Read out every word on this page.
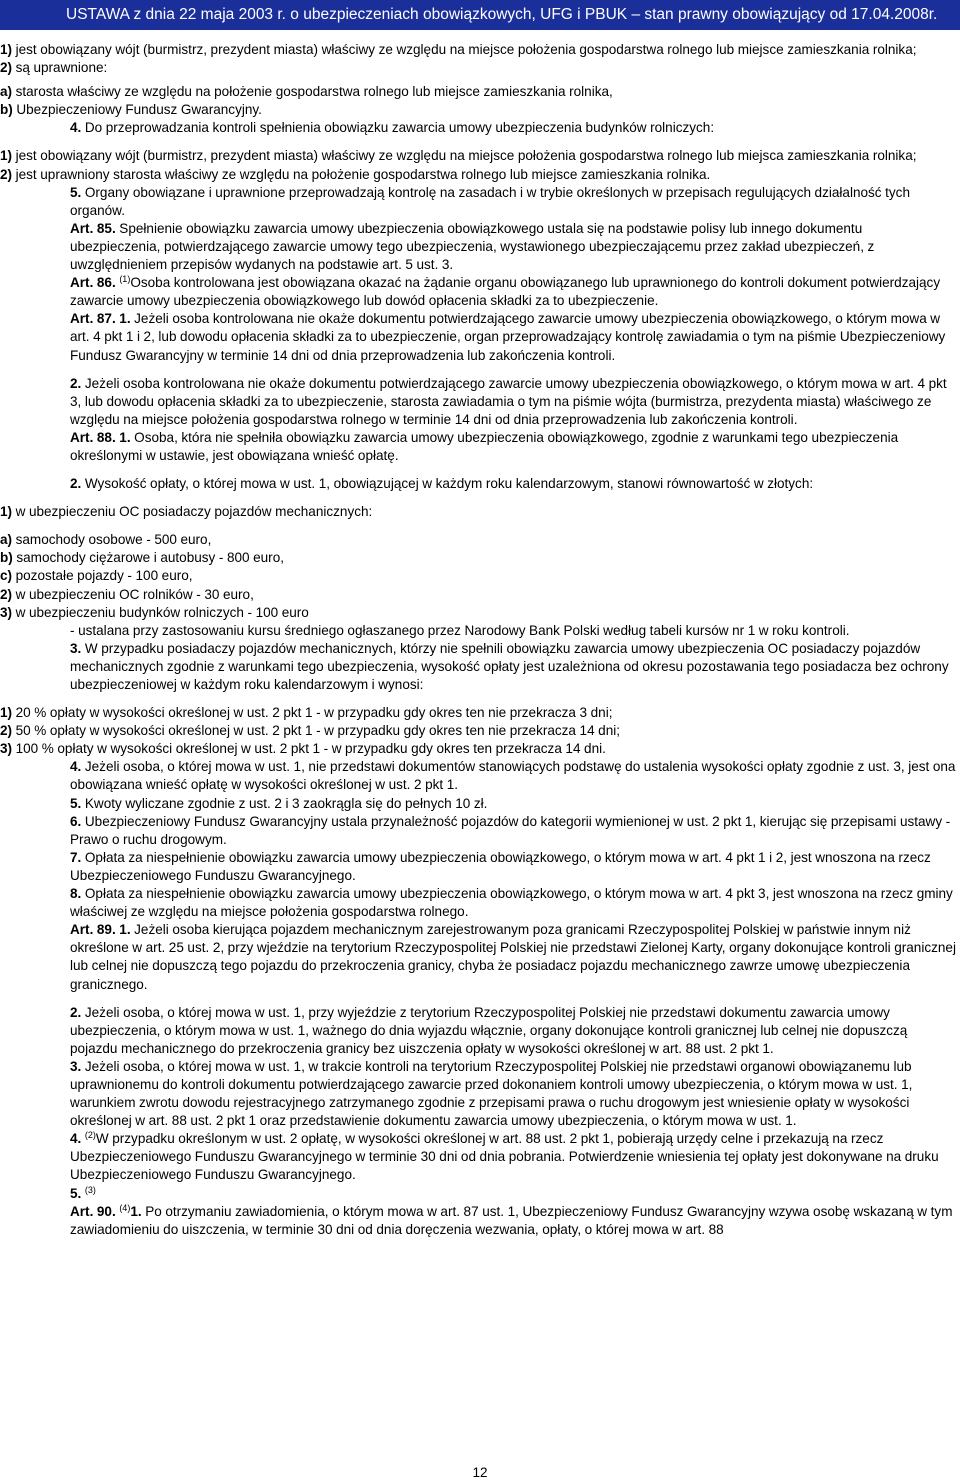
USTAWA z dnia 22 maja 2003 r. o ubezpieczeniach obowiązkowych, UFG i PBUK – stan prawny obowiązujący od 17.04.2008r.

1) jest obowiązany wójt (burmistrz, prezydent miasta) właściwy ze względu na miejsce położenia gospodarstwa rolnego lub miejsce zamieszkania rolnika;

2) są uprawnione:

a) starosta właściwy ze względu na położenie gospodarstwa rolnego lub miejsce zamieszkania rolnika,

b) Ubezpieczeniowy Fundusz Gwarancyjny.

4. Do przeprowadzania kontroli spełnienia obowiązku zawarcia umowy ubezpieczenia budynków rolniczych:

1) jest obowiązany wójt (burmistrz, prezydent miasta) właściwy ze względu na miejsce położenia gospodarstwa rolnego lub miejsca zamieszkania rolnika;

2) jest uprawniony starosta właściwy ze względu na położenie gospodarstwa rolnego lub miejsce zamieszkania rolnika.

5. Organy obowiązane i uprawnione przeprowadzają kontrolę na zasadach i w trybie określonych w przepisach regulujących działalność tych organów.

Art. 85. Spełnienie obowiązku zawarcia umowy ubezpieczenia obowiązkowego ustala się na podstawie polisy lub innego dokumentu ubezpieczenia, potwierdzającego zawarcie umowy tego ubezpieczenia, wystawionego ubezpieczającemu przez zakład ubezpieczeń, z uwzględnieniem przepisów wydanych na podstawie art. 5 ust. 3.

Art. 86. $^{(1)}$Osoba kontrolowana jest obowiązana okazać na żądanie organu obowiązanego lub uprawnionego do kontroli dokument potwierdzający zawarcie umowy ubezpieczenia obowiązkowego lub dowód opłacenia składki za to ubezpieczenie.

Art. 87. 1. Jeżeli osoba kontrolowana nie okaże dokumentu potwierdzającego zawarcie umowy ubezpieczenia obowiązkowego, o którym mowa w art. 4 pkt 1 i 2, lub dowodu opłacenia składki za to ubezpieczenie, organ przeprowadzający kontrolę zawiadamia o tym na piśmie Ubezpieczeniowy Fundusz Gwarancyjny w terminie 14 dni od dnia przeprowadzenia lub zakończenia kontroli.

2. Jeżeli osoba kontrolowana nie okaże dokumentu potwierdzającego zawarcie umowy ubezpieczenia obowiązkowego, o którym mowa w art. 4 pkt 3, lub dowodu opłacenia składki za to ubezpieczenie, starosta zawiadamia o tym na piśmie wójta (burmistrza, prezydenta miasta) właściwego ze względu na miejsce położenia gospodarstwa rolnego w terminie 14 dni od dnia przeprowadzenia lub zakończenia kontroli.

Art. 88. 1. Osoba, która nie spełniła obowiązku zawarcia umowy ubezpieczenia obowiązkowego, zgodnie z warunkami tego ubezpieczenia określonymi w ustawie, jest obowiązana wnieść opłatę.

2. Wysokość opłaty, o której mowa w ust. 1, obowiązującej w każdym roku kalendarzowym, stanowi równowartość w złotych:

1) w ubezpieczeniu OC posiadaczy pojazdów mechanicznych:

a) samochody osobowe - 500 euro,

b) samochody ciężarowe i autobusy - 800 euro,

c) pozostałe pojazdy - 100 euro,

2) w ubezpieczeniu OC rolników - 30 euro,

3) w ubezpieczeniu budynków rolniczych - 100 euro

- ustalana przy zastosowaniu kursu średniego ogłaszanego przez Narodowy Bank Polski według tabeli kursów nr 1 w roku kontroli.

3. W przypadku posiadaczy pojazdów mechanicznych, którzy nie spełnili obowiązku zawarcia umowy ubezpieczenia OC posiadaczy pojazdów mechanicznych zgodnie z warunkami tego ubezpieczenia, wysokość opłaty jest uzależniona od okresu pozostawania tego posiadacza bez ochrony ubezpieczeniowej w każdym roku kalendarzowym i wynosi:

1) 20 % opłaty w wysokości określonej w ust. 2 pkt 1 - w przypadku gdy okres ten nie przekracza 3 dni;

2) 50 % opłaty w wysokości określonej w ust. 2 pkt 1 - w przypadku gdy okres ten nie przekracza 14 dni;

3) 100 % opłaty w wysokości określonej w ust. 2 pkt 1 - w przypadku gdy okres ten przekracza 14 dni.

4. Jeżeli osoba, o której mowa w ust. 1, nie przedstawi dokumentów stanowiących podstawę do ustalenia wysokości opłaty zgodnie z ust. 3, jest ona obowiązana wnieść opłatę w wysokości określonej w ust. 2 pkt 1.

5. Kwoty wyliczane zgodnie z ust. 2 i 3 zaokrągla się do pełnych 10 zł.

6. Ubezpieczeniowy Fundusz Gwarancyjny ustala przynależność pojazdów do kategorii wymienionej w ust. 2 pkt 1, kierując się przepisami ustawy - Prawo o ruchu drogowym.

7. Opłata za niespełnienie obowiązku zawarcia umowy ubezpieczenia obowiązkowego, o którym mowa w art. 4 pkt 1 i 2, jest wnoszona na rzecz Ubezpieczeniowego Funduszu Gwarancyjnego.

8. Opłata za niespełnienie obowiązku zawarcia umowy ubezpieczenia obowiązkowego, o którym mowa w art. 4 pkt 3, jest wnoszona na rzecz gminy właściwej ze względu na miejsce położenia gospodarstwa rolnego.

Art. 89. 1. Jeżeli osoba kierująca pojazdem mechanicznym zarejestrowanym poza granicami Rzeczypospolitej Polskiej w państwie innym niż określone w art. 25 ust. 2, przy wjeździe na terytorium Rzeczypospolitej Polskiej nie przedstawi Zielonej Karty, organy dokonujące kontroli granicznej lub celnej nie dopuszczą tego pojazdu do przekroczenia granicy, chyba że posiadacz pojazdu mechanicznego zawrze umowę ubezpieczenia granicznego.

2. Jeżeli osoba, o której mowa w ust. 1, przy wyjeździe z terytorium Rzeczypospolitej Polskiej nie przedstawi dokumentu zawarcia umowy ubezpieczenia, o którym mowa w ust. 1, ważnego do dnia wyjazdu włącznie, organy dokonujące kontroli granicznej lub celnej nie dopuszczą pojazdu mechanicznego do przekroczenia granicy bez uiszczenia opłaty w wysokości określonej w art. 88 ust. 2 pkt 1.

3. Jeżeli osoba, o której mowa w ust. 1, w trakcie kontroli na terytorium Rzeczypospolitej Polskiej nie przedstawi organowi obowiązanemu lub uprawnionemu do kontroli dokumentu potwierdzającego zawarcie przed dokonaniem kontroli umowy ubezpieczenia, o którym mowa w ust. 1, warunkiem zwrotu dowodu rejestracyjnego zatrzymanego zgodnie z przepisami prawa o ruchu drogowym jest wniesienie opłaty w wysokości określonej w art. 88 ust. 2 pkt 1 oraz przedstawienie dokumentu zawarcia umowy ubezpieczenia, o którym mowa w ust. 1.

4. $^{(2)}$W przypadku określonym w ust. 2 opłatę, w wysokości określonej w art. 88 ust. 2 pkt 1, pobierają urzędy celne i przekazują na rzecz Ubezpieczeniowego Funduszu Gwarancyjnego w terminie 30 dni od dnia pobrania. Potwierdzenie wniesienia tej opłaty jest dokonywane na druku Ubezpieczeniowego Funduszu Gwarancyjnego.

5. $^{(3)}$

Art. 90. $^{(4)}$1. Po otrzymaniu zawiadomienia, o którym mowa w art. 87 ust. 1, Ubezpieczeniowy Fundusz Gwarancyjny wzywa osobę wskazaną w tym zawiadomieniu do uiszczenia, w terminie 30 dni od dnia doręczenia wezwania, opłaty, o której mowa w art. 88

12
